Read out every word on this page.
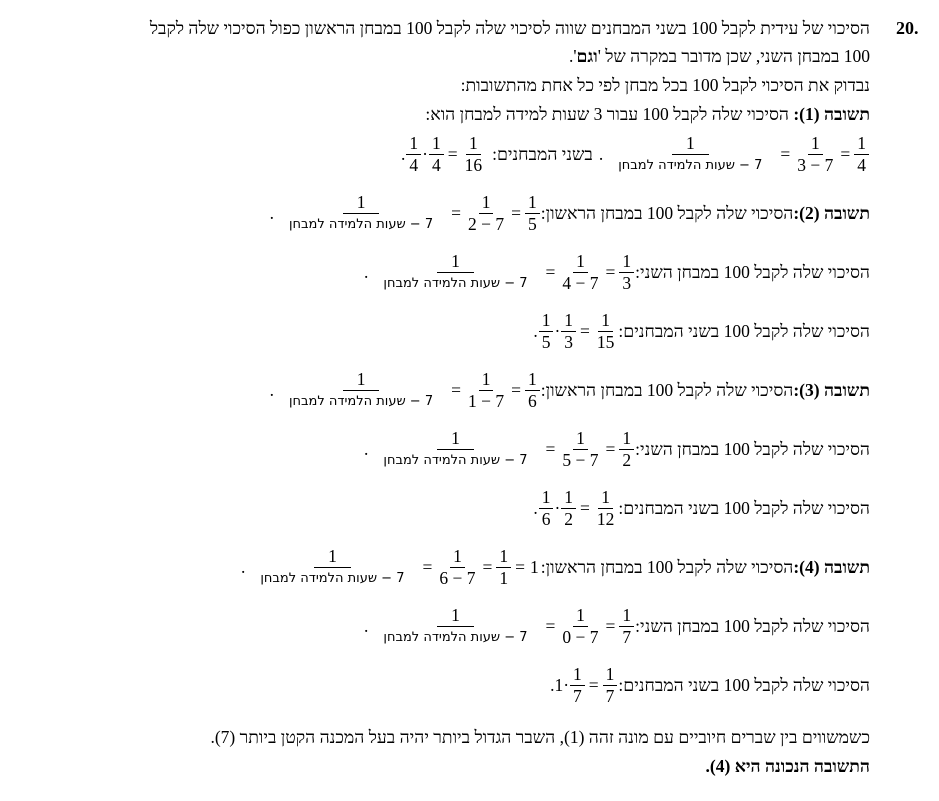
20.
הסיכוי של עידית לקבל 100 בשני המבחנים שווה לסיכוי שלה לקבל 100 במבחן הראשון כפול הסיכוי שלה לקבל
100 במבחן השני, שכן מדובר במקרה של 'וגם'.
נבדוק את הסיכוי לקבל 100 בכל מבחן לפי כל אחת מהתשובות:
תשובה (1): הסיכוי שלה לקבל 100 עבור 3 שעות למידה למבחן הוא:
$\frac{1}{4}$
=
$\frac{1}{7 - 3}$
=
$\frac{1}{\text{7 − שעות הלמידה למבחן}}$
.
בשני המבחנים:
$\frac{1}{16}$
=
$\frac{1}{4}$
·
$\frac{1}{4}$
.
תשובה (2):
הסיכוי שלה לקבל 100 במבחן הראשון:
$\frac{1}{5}$
=
$\frac{1}{7 - 2}$
=
$\frac{1}{\text{7 − שעות הלמידה למבחן}}$
.
הסיכוי שלה לקבל 100 במבחן השני:
$\frac{1}{3}$
=
$\frac{1}{7 - 4}$
=
$\frac{1}{\text{7 − שעות הלמידה למבחן}}$
.
הסיכוי שלה לקבל 100 בשני המבחנים:
$\frac{1}{15}$
=
$\frac{1}{3}$
·
$\frac{1}{5}$
.
תשובה (3):
הסיכוי שלה לקבל 100 במבחן הראשון:
$\frac{1}{6}$
=
$\frac{1}{7 - 1}$
=
$\frac{1}{\text{7 − שעות הלמידה למבחן}}$
.
הסיכוי שלה לקבל 100 במבחן השני:
$\frac{1}{2}$
=
$\frac{1}{7 - 5}$
=
$\frac{1}{\text{7 − שעות הלמידה למבחן}}$
.
הסיכוי שלה לקבל 100 בשני המבחנים:
$\frac{1}{12}$
=
$\frac{1}{2}$
·
$\frac{1}{6}$
.
תשובה (4):
הסיכוי שלה לקבל 100 במבחן הראשון:
1
=
$\frac{1}{1}$
=
$\frac{1}{7 - 6}$
=
$\frac{1}{\text{7 − שעות הלמידה למבחן}}$
.
הסיכוי שלה לקבל 100 במבחן השני:
$\frac{1}{7}$
=
$\frac{1}{7 - 0}$
=
$\frac{1}{\text{7 − שעות הלמידה למבחן}}$
.
הסיכוי שלה לקבל 100 בשני המבחנים:
$\frac{1}{7}$
=
$\frac{1}{7}$
·
1
.
כשמשווים בין שברים חיוביים עם מונה זהה (1), השבר הגדול ביותר יהיה בעל המכנה הקטן ביותר (7).
התשובה הנכונה היא (4).
